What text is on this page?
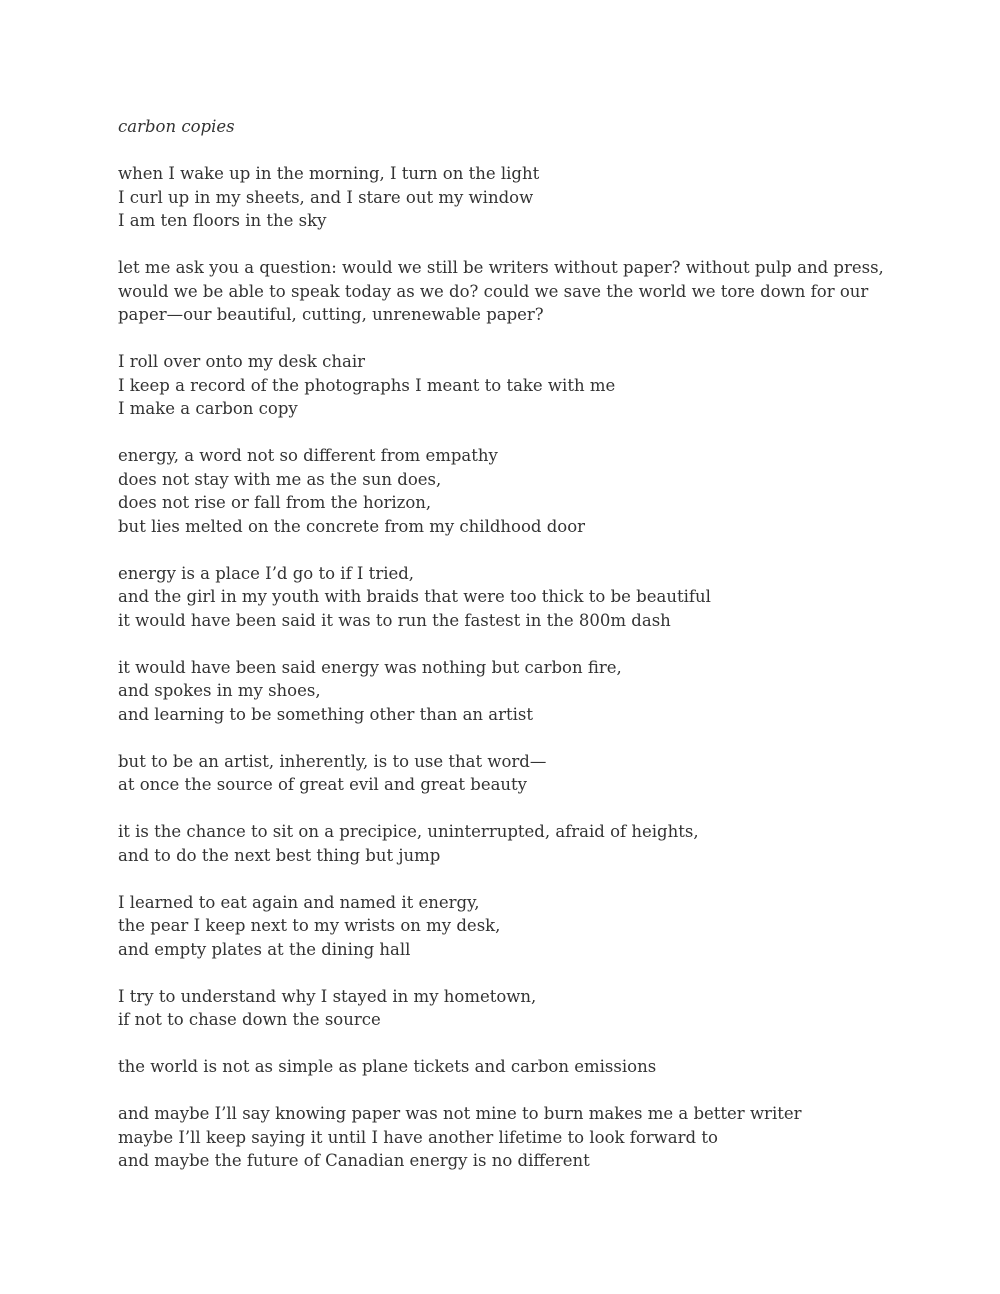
carbon copies
when I wake up in the morning, I turn on the light
I curl up in my sheets, and I stare out my window
I am ten floors in the sky
let me ask you a question: would we still be writers without paper? without pulp and press,
would we be able to speak today as we do? could we save the world we tore down for our
paper—our beautiful, cutting, unrenewable paper?
I roll over onto my desk chair
I keep a record of the photographs I meant to take with me
I make a carbon copy
energy, a word not so different from empathy
does not stay with me as the sun does,
does not rise or fall from the horizon,
but lies melted on the concrete from my childhood door
energy is a place I’d go to if I tried,
and the girl in my youth with braids that were too thick to be beautiful
it would have been said it was to run the fastest in the 800m dash
it would have been said energy was nothing but carbon fire,
and spokes in my shoes,
and learning to be something other than an artist
but to be an artist, inherently, is to use that word—
at once the source of great evil and great beauty
it is the chance to sit on a precipice, uninterrupted, afraid of heights,
and to do the next best thing but jump
I learned to eat again and named it energy,
the pear I keep next to my wrists on my desk,
and empty plates at the dining hall
I try to understand why I stayed in my hometown,
if not to chase down the source
the world is not as simple as plane tickets and carbon emissions
and maybe I’ll say knowing paper was not mine to burn makes me a better writer
maybe I’ll keep saying it until I have another lifetime to look forward to
and maybe the future of Canadian energy is no different
